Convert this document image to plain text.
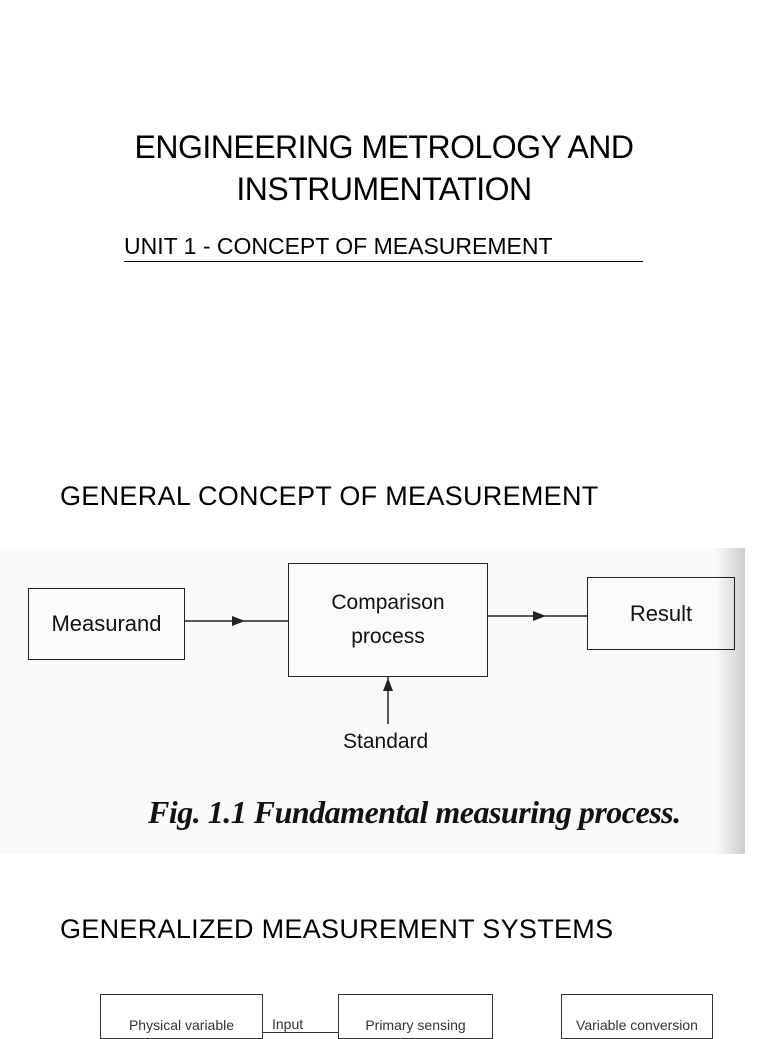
ENGINEERING METROLOGY AND
INSTRUMENTATION
UNIT 1 - CONCEPT OF MEASUREMENT
GENERAL CONCEPT OF MEASUREMENT
Measurand
Comparison
process
Result
Standard
Fig. 1.1 Fundamental measuring process.
GENERALIZED MEASUREMENT SYSTEMS
Physical variable	Input	Primary sensing	Variable conversion
